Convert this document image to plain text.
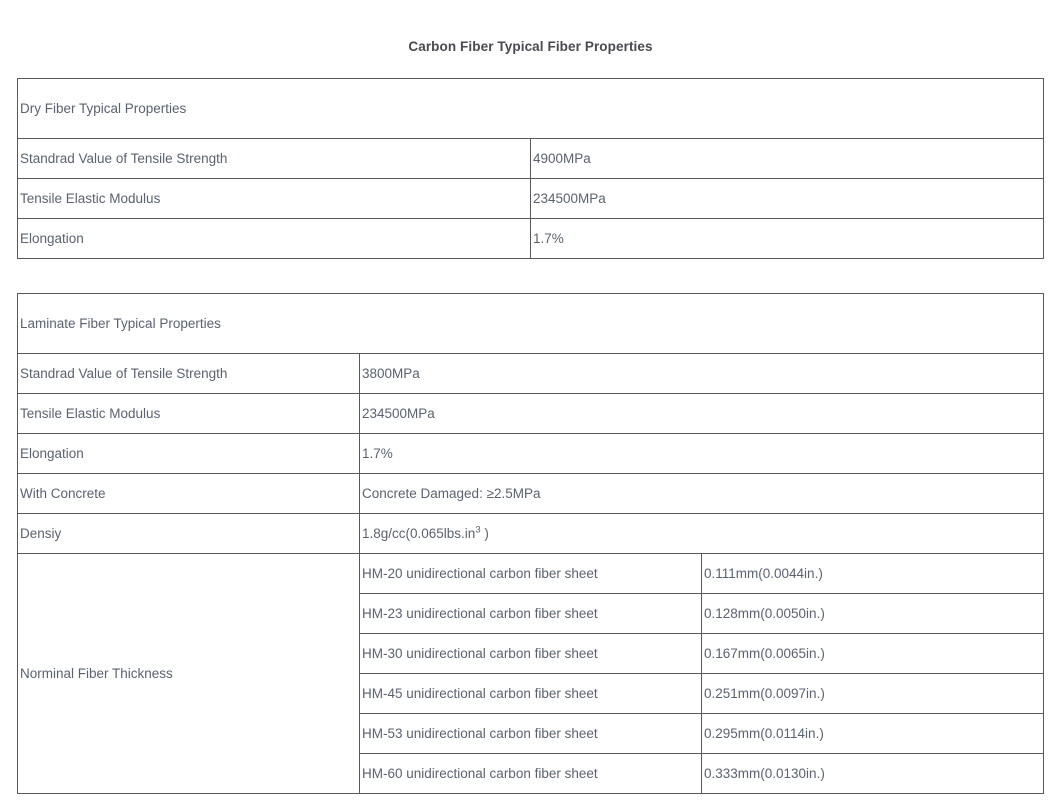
Carbon Fiber Typical Fiber Properties
Dry Fiber Typical Properties	
Standrad Value of Tensile Strength	4900MPa
Tensile Elastic Modulus	234500MPa
Elongation	1.7%
Laminate Fiber Typical Properties		
Standrad Value of Tensile Strength	3800MPa	
Tensile Elastic Modulus	234500MPa	
Elongation	1.7%	
With Concrete	Concrete Damaged: ≥2.5MPa	
Densiy	$1.8g/cc(0.065lbs.in^3$ )	
Norminal Fiber Thickness	HM-20 unidirectional carbon fiber sheet	0.111mm(0.0044in.)
	HM-23 unidirectional carbon fiber sheet	0.128mm(0.0050in.)
	HM-30 unidirectional carbon fiber sheet	0.167mm(0.0065in.)
	HM-45 unidirectional carbon fiber sheet	0.251mm(0.0097in.)
	HM-53 unidirectional carbon fiber sheet	0.295mm(0.0114in.)
	HM-60 unidirectional carbon fiber sheet	0.333mm(0.0130in.)
